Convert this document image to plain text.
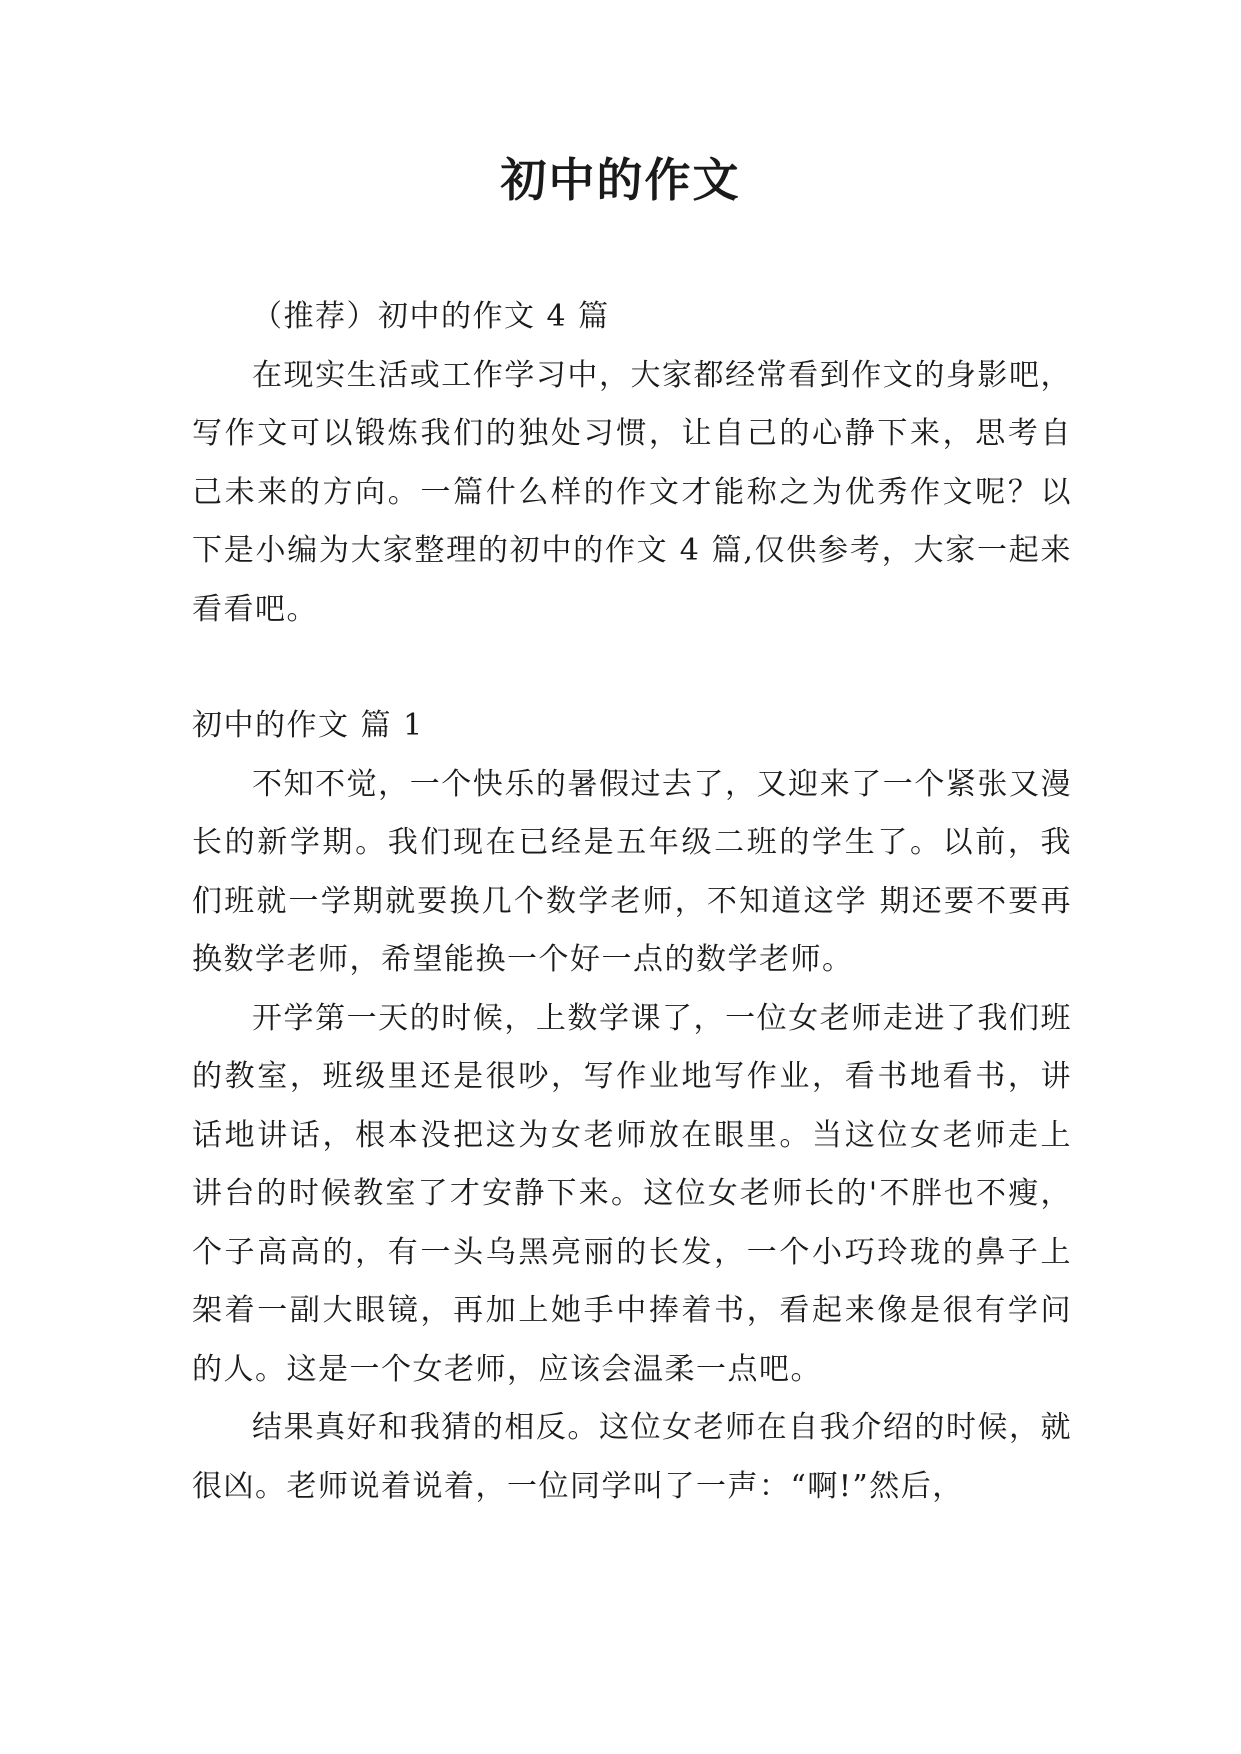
初中的作文

（推荐）初中的作文 4 篇

在现实生活或工作学习中，大家都经常看到作文的身影吧，写作文可以锻炼我们的独处习惯，让自己的心静下来，思考自己未来的方向。一篇什么样的作文才能称之为优秀作文呢？以下是小编为大家整理的初中的作文 4 篇,仅供参考，大家一起来看看吧。

初中的作文 篇 1

不知不觉，一个快乐的暑假过去了，又迎来了一个紧张又漫长的新学期。我们现在已经是五年级二班的学生了。以前，我们班就一学期就要换几个数学老师，不知道这学 期还要不要再换数学老师，希望能换一个好一点的数学老师。

开学第一天的时候，上数学课了，一位女老师走进了我们班的教室，班级里还是很吵，写作业地写作业，看书地看书，讲话地讲话，根本没把这为女老师放在眼里。当这位女老师走上讲台的时候教室了才安静下来。这位女老师长的'不胖也不瘦，个子高高的，有一头乌黑亮丽的长发，一个小巧玲珑的鼻子上架着一副大眼镜，再加上她手中捧着书，看起来像是很有学问的人。这是一个女老师，应该会温柔一点吧。

结果真好和我猜的相反。这位女老师在自我介绍的时候，就很凶。老师说着说着，一位同学叫了一声：“啊!”然后，
